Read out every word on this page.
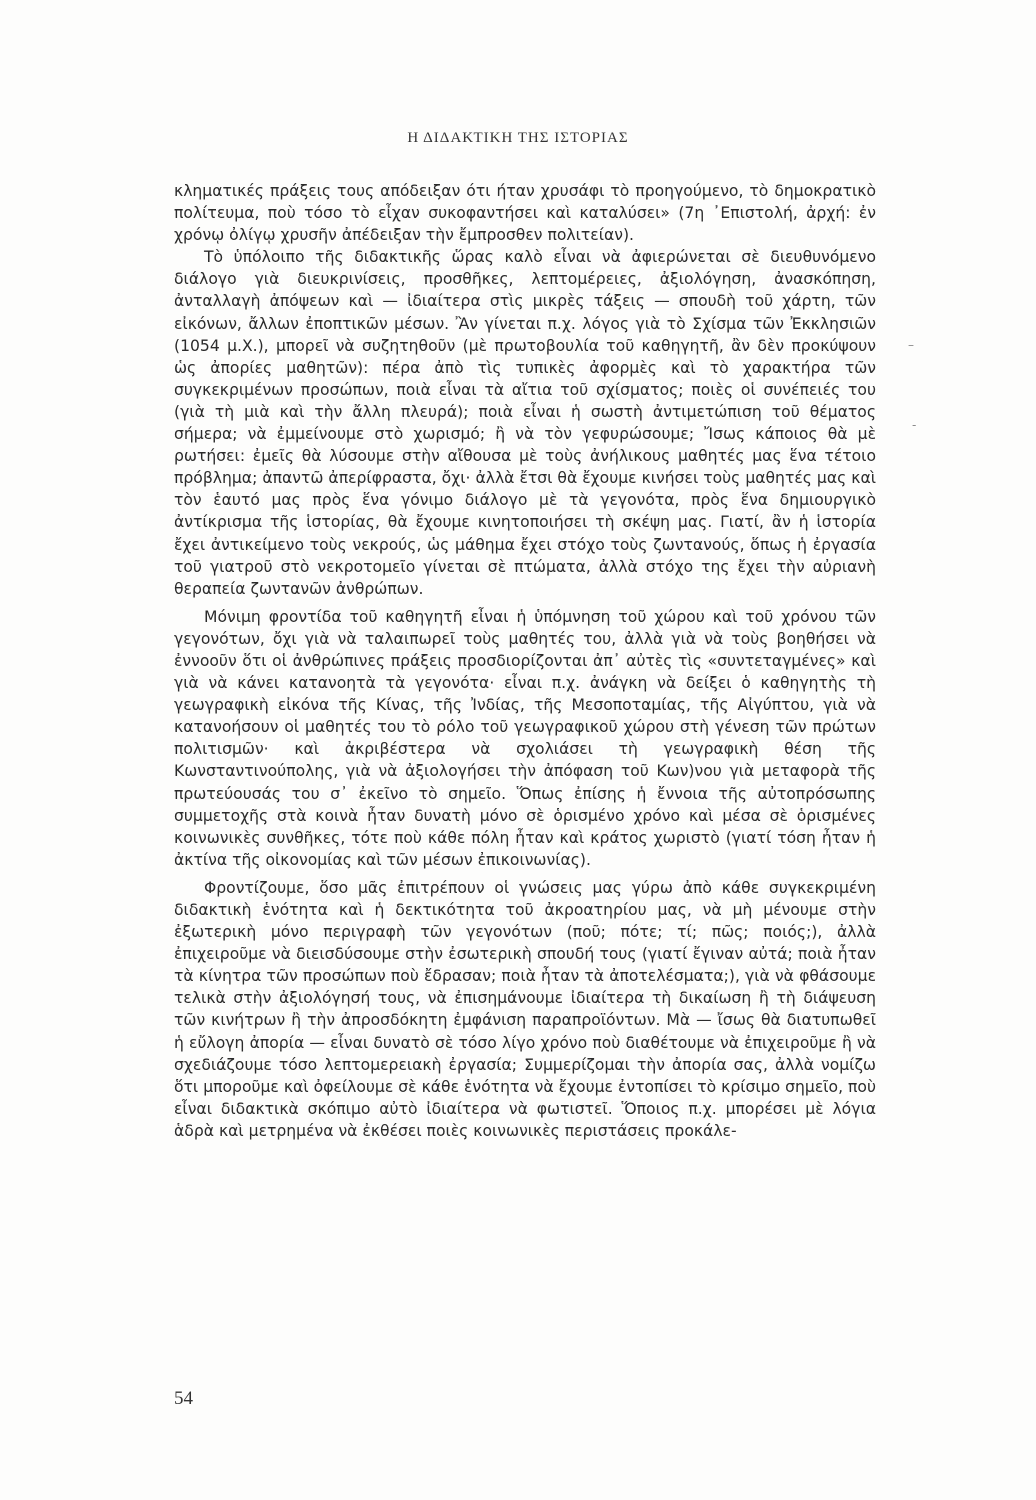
Η ΔΙΔΑΚΤΙΚΗ ΤΗΣ ΙΣΤΟΡΙΑΣ

κληματικές πράξεις τους απόδειξαν ότι ήταν χρυσάφι τὸ προηγούμενο, τὸ δημοκρατικὸ πολίτευμα, ποὺ τόσο τὸ εἶχαν συκοφαντήσει καὶ καταλύσει» (7η ᾿Επιστολή, ἀρχή: ἐν χρόνῳ ὀλίγῳ χρυσῆν ἀπέδειξαν τὴν ἔμπροσθεν πολιτείαν).

Τὸ ὑπόλοιπο τῆς διδακτικῆς ὥρας καλὸ εἶναι νὰ ἀφιερώνεται σὲ διευθυνόμενο διάλογο γιὰ διευκρινίσεις, προσθῆκες, λεπτομέρειες, ἀξιολόγηση, ἀνασκόπηση, ἀνταλλαγὴ ἀπόψεων καὶ — ἰδιαίτερα στὶς μικρὲς τάξεις — σπουδὴ τοῦ χάρτη, τῶν εἰκόνων, ἄλλων ἐποπτικῶν μέσων. Ἂν γίνεται π.χ. λόγος γιὰ τὸ Σχίσμα τῶν Ἐκκλησιῶν (1054 μ.Χ.), μπορεῖ νὰ συζητηθοῦν (μὲ πρωτοβουλία τοῦ καθηγητῆ, ἂν δὲν προκύψουν ὡς ἀπορίες μαθητῶν): πέρα ἀπὸ τὶς τυπικὲς ἀφορμὲς καὶ τὸ χαρακτήρα τῶν συγκεκριμένων προσώπων, ποιὰ εἶναι τὰ αἴτια τοῦ σχίσματος; ποιὲς οἱ συνέπειές του (γιὰ τὴ μιὰ καὶ τὴν ἄλλη πλευρά); ποιὰ εἶναι ἡ σωστὴ ἀντιμετώπιση τοῦ θέματος σήμερα; νὰ ἐμμείνουμε στὸ χωρισμό; ἢ νὰ τὸν γεφυρώσουμε; Ἴσως κάποιος θὰ μὲ ρωτήσει: ἐμεῖς θὰ λύσουμε στὴν αἴθουσα μὲ τοὺς ἀνήλικους μαθητές μας ἕνα τέτοιο πρόβλημα; ἀπαντῶ ἀπερίφραστα, ὄχι· ἀλλὰ ἔτσι θὰ ἔχουμε κινήσει τοὺς μαθητές μας καὶ τὸν ἑαυτό μας πρὸς ἕνα γόνιμο διάλογο μὲ τὰ γεγονότα, πρὸς ἕνα δημιουργικὸ ἀντίκρισμα τῆς ἱστορίας, θὰ ἔχουμε κινητοποιήσει τὴ σκέψη μας. Γιατί, ἂν ἡ ἱστορία ἔχει ἀντικείμενο τοὺς νεκρούς, ὡς μάθημα ἔχει στόχο τοὺς ζωντανούς, ὅπως ἡ ἐργασία τοῦ γιατροῦ στὸ νεκροτομεῖο γίνεται σὲ πτώματα, ἀλλὰ στόχο της ἔχει τὴν αὐριανὴ θεραπεία ζωντανῶν ἀνθρώπων.

Μόνιμη φροντίδα τοῦ καθηγητῆ εἶναι ἡ ὑπόμνηση τοῦ χώρου καὶ τοῦ χρόνου τῶν γεγονότων, ὄχι γιὰ νὰ ταλαιπωρεῖ τοὺς μαθητές του, ἀλλὰ γιὰ νὰ τοὺς βοηθήσει νὰ ἐννοοῦν ὅτι οἱ ἀνθρώπινες πράξεις προσδιορίζονται ἀπ᾿ αὐτὲς τὶς «συντεταγμένες» καὶ γιὰ νὰ κάνει κατανοητὰ τὰ γεγονότα· εἶναι π.χ. ἀνάγκη νὰ δείξει ὁ καθηγητὴς τὴ γεωγραφικὴ εἰκόνα τῆς Κίνας, τῆς Ἰνδίας, τῆς Μεσοποταμίας, τῆς Αἰγύπτου, γιὰ νὰ κατανοήσουν οἱ μαθητές του τὸ ρόλο τοῦ γεωγραφικοῦ χώρου στὴ γένεση τῶν πρώτων πολιτισμῶν· καὶ ἀκριβέστερα νὰ σχολιάσει τὴ γεωγραφικὴ θέση τῆς Κωνσταντινούπολης, γιὰ νὰ ἀξιολογήσει τὴν ἀπόφαση τοῦ Κων)νου γιὰ μεταφορὰ τῆς πρωτεύουσάς του σ᾿ ἐκεῖνο τὸ σημεῖο. Ὅπως ἐπίσης ἡ ἔννοια τῆς αὐτοπρόσωπης συμμετοχῆς στὰ κοινὰ ἦταν δυνατὴ μόνο σὲ ὁρισμένο χρόνο καὶ μέσα σὲ ὁρισμένες κοινωνικὲς συνθῆκες, τότε ποὺ κάθε πόλη ἦταν καὶ κράτος χωριστὸ (γιατί τόση ἦταν ἡ ἀκτίνα τῆς οἰκονομίας καὶ τῶν μέσων ἐπικοινωνίας).

Φροντίζουμε, ὅσο μᾶς ἐπιτρέπουν οἱ γνώσεις μας γύρω ἀπὸ κάθε συγκεκριμένη διδακτικὴ ἑνότητα καὶ ἡ δεκτικότητα τοῦ ἀκροατηρίου μας, νὰ μὴ μένουμε στὴν ἐξωτερικὴ μόνο περιγραφὴ τῶν γεγονότων (ποῦ; πότε; τί; πῶς; ποιός;), ἀλλὰ ἐπιχειροῦμε νὰ διεισδύσουμε στὴν ἐσωτερικὴ σπουδή τους (γιατί ἔγιναν αὐτά; ποιὰ ἦταν τὰ κίνητρα τῶν προσώπων ποὺ ἔδρασαν; ποιὰ ἦταν τὰ ἀποτελέσματα;), γιὰ νὰ φθάσουμε τελικὰ στὴν ἀξιολόγησή τους, νὰ ἐπισημάνουμε ἰδιαίτερα τὴ δικαίωση ἢ τὴ διάψευση τῶν κινήτρων ἢ τὴν ἀπροσδόκητη ἐμφάνιση παραπροϊόντων. Μὰ — ἴσως θὰ διατυπωθεῖ ἡ εὔλογη ἀπορία — εἶναι δυνατὸ σὲ τόσο λίγο χρόνο ποὺ διαθέτουμε νὰ ἐπιχειροῦμε ἢ νὰ σχεδιάζουμε τόσο λεπτομερειακὴ ἐργασία; Συμμερίζομαι τὴν ἀπορία σας, ἀλλὰ νομίζω ὅτι μποροῦμε καὶ ὀφείλουμε σὲ κάθε ἑνότητα νὰ ἔχουμε ἐντοπίσει τὸ κρίσιμο σημεῖο, ποὺ εἶναι διδακτικὰ σκόπιμο αὐτὸ ἰδιαίτερα νὰ φωτιστεῖ. Ὅποιος π.χ. μπορέσει μὲ λόγια ἁδρὰ καὶ μετρημένα νὰ ἐκθέσει ποιὲς κοινωνικὲς περιστάσεις προκάλε-

–
-
54
